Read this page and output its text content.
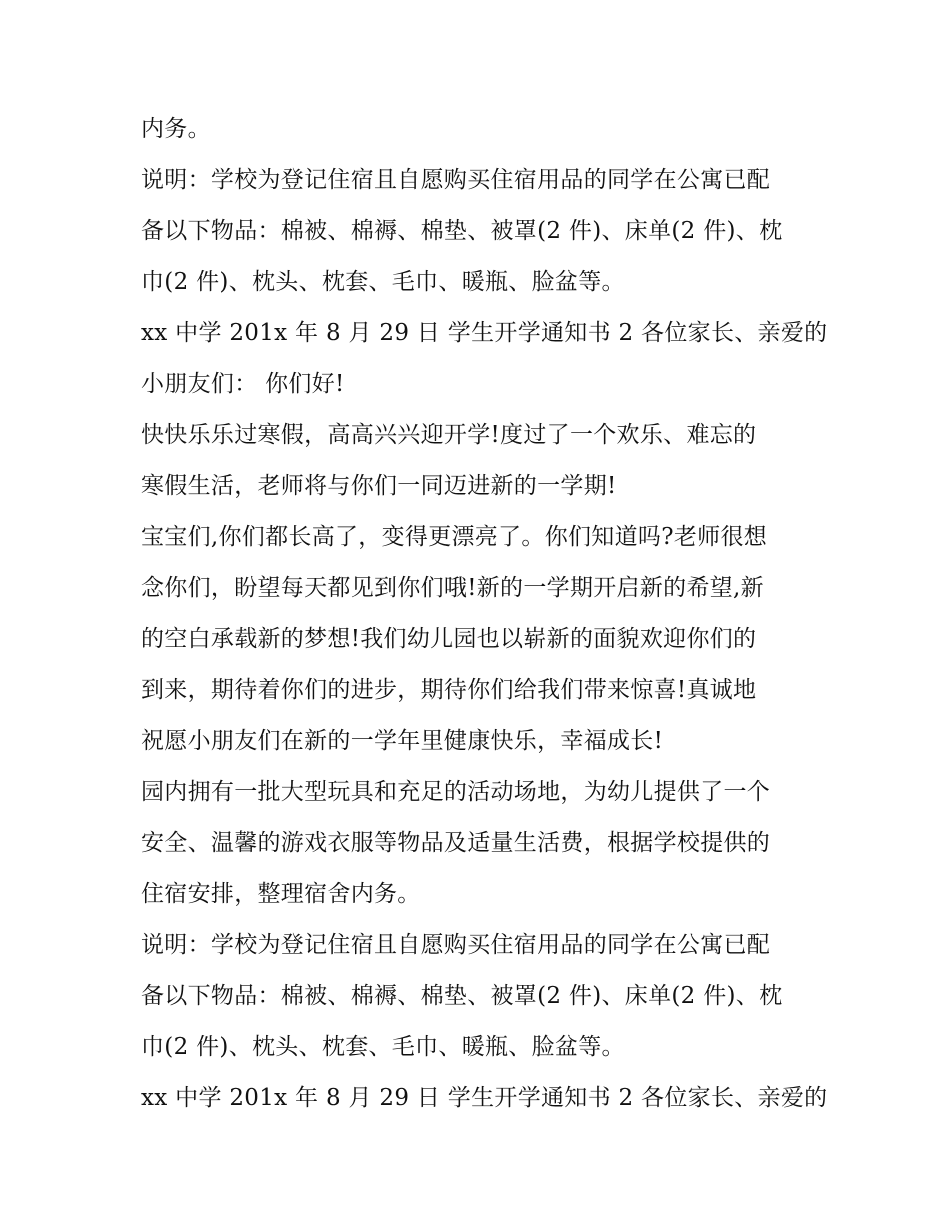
内务。

说明：学校为登记住宿且自愿购买住宿用品的同学在公寓已配

备以下物品：棉被、棉褥、棉垫、被罩(2 件)、床单(2 件)、枕

巾(2 件)、枕头、枕套、毛巾、暖瓶、脸盆等。

xx 中学 201x 年 8 月 29 日 学生开学通知书 2 各位家长、亲爱的

小朋友们： 你们好!

快快乐乐过寒假，高高兴兴迎开学!度过了一个欢乐、难忘的

寒假生活，老师将与你们一同迈进新的一学期!

宝宝们,你们都长高了，变得更漂亮了。你们知道吗?老师很想

念你们，盼望每天都见到你们哦!新的一学期开启新的希望,新

的空白承载新的梦想!我们幼儿园也以崭新的面貌欢迎你们的

到来，期待着你们的进步，期待你们给我们带来惊喜!真诚地

祝愿小朋友们在新的一学年里健康快乐，幸福成长!

园内拥有一批大型玩具和充足的活动场地，为幼儿提供了一个

安全、温馨的游戏衣服等物品及适量生活费，根据学校提供的

住宿安排，整理宿舍内务。

说明：学校为登记住宿且自愿购买住宿用品的同学在公寓已配

备以下物品：棉被、棉褥、棉垫、被罩(2 件)、床单(2 件)、枕

巾(2 件)、枕头、枕套、毛巾、暖瓶、脸盆等。

xx 中学 201x 年 8 月 29 日 学生开学通知书 2 各位家长、亲爱的
